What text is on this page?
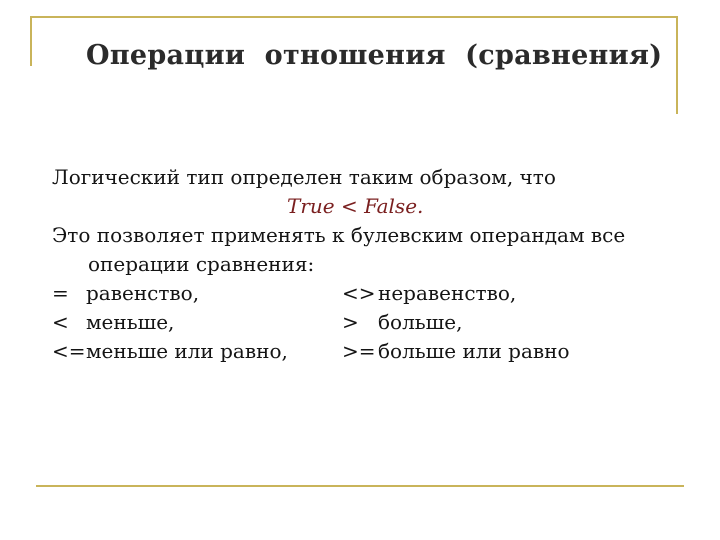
Операции  отношения  (сравнения)
Логический тип определен таким образом, что
True < False.
Это позволяет применять к булевским операндам все
операции сравнения:
= равенство,	<> неравенство,
< меньше,	> больше,
<=меньше или равно,	>= больше или равно
